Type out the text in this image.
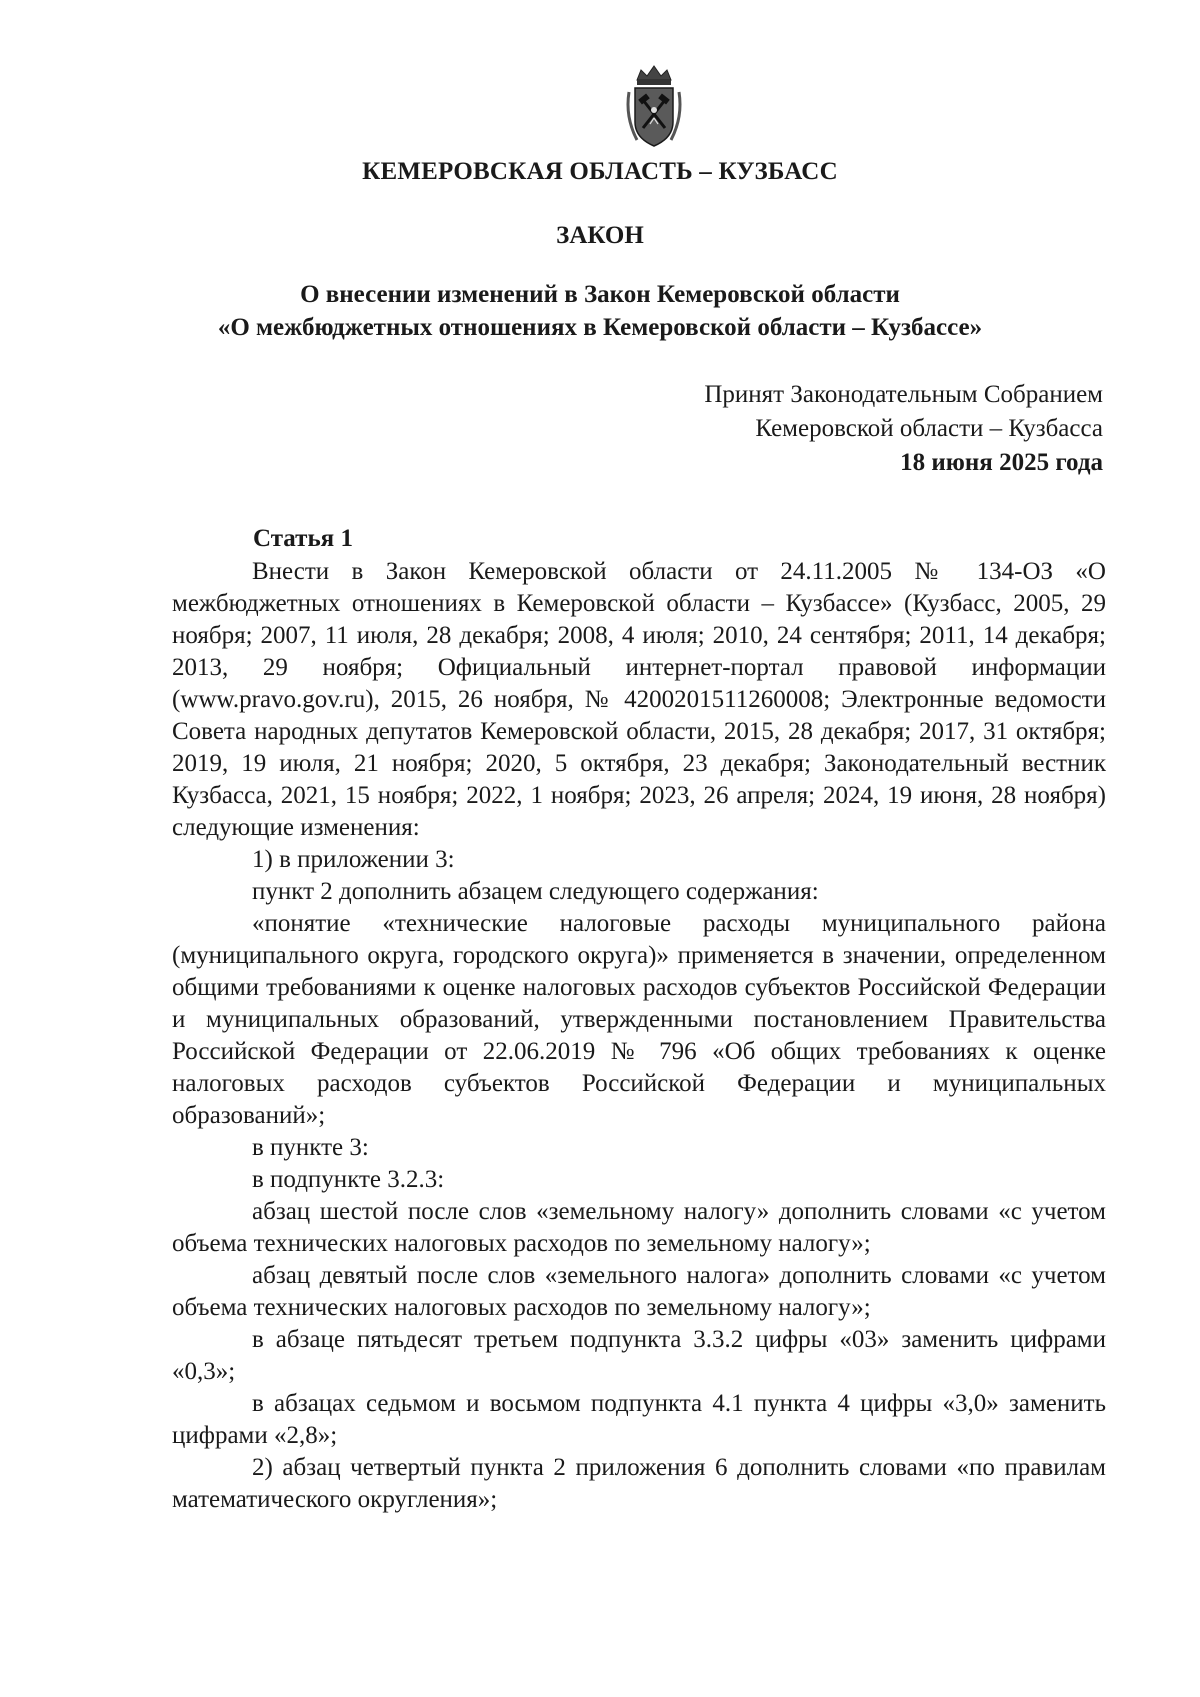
КЕМЕРОВСКАЯ ОБЛАСТЬ – КУЗБАСС
ЗАКОН
О внесении изменений в Закон Кемеровской области
«О межбюджетных отношениях в Кемеровской области – Кузбассе»
Принят Законодательным Собранием
Кемеровской области – Кузбасса
18 июня 2025 года
Статья 1

Внести в Закон Кемеровской области от 24.11.2005 № 134-ОЗ «О межбюджетных отношениях в Кемеровской области – Кузбассе» (Кузбасс, 2005, 29 ноября; 2007, 11 июля, 28 декабря; 2008, 4 июля; 2010, 24 сентября; 2011, 14 декабря; 2013, 29 ноября; Официальный интернет-портал правовой информации (www.pravo.gov.ru), 2015, 26 ноября, № 4200201511260008; Электронные ведомости Совета народных депутатов Кемеровской области, 2015, 28 декабря; 2017, 31 октября; 2019, 19 июля, 21 ноября; 2020, 5 октября, 23 декабря; Законодательный вестник Кузбасса, 2021, 15 ноября; 2022, 1 ноября; 2023, 26 апреля; 2024, 19 июня, 28 ноября) следующие изменения:

1) в приложении 3:

пункт 2 дополнить абзацем следующего содержания:

«понятие «технические налоговые расходы муниципального района (муниципального округа, городского округа)» применяется в значении, определенном общими требованиями к оценке налоговых расходов субъектов Российской Федерации и муниципальных образований, утвержденными постановлением Правительства Российской Федерации от 22.06.2019 № 796 «Об общих требованиях к оценке налоговых расходов субъектов Российской Федерации и муниципальных образований»;

в пункте 3:

в подпункте 3.2.3:

абзац шестой после слов «земельному налогу» дополнить словами «с учетом объема технических налоговых расходов по земельному налогу»;

абзац девятый после слов «земельного налога» дополнить словами «с учетом объема технических налоговых расходов по земельному налогу»;

в абзаце пятьдесят третьем подпункта 3.3.2 цифры «03» заменить цифрами «0,3»;

в абзацах седьмом и восьмом подпункта 4.1 пункта 4 цифры «3,0» заменить цифрами «2,8»;

2) абзац четвертый пункта 2 приложения 6 дополнить словами «по правилам математического округления»;
